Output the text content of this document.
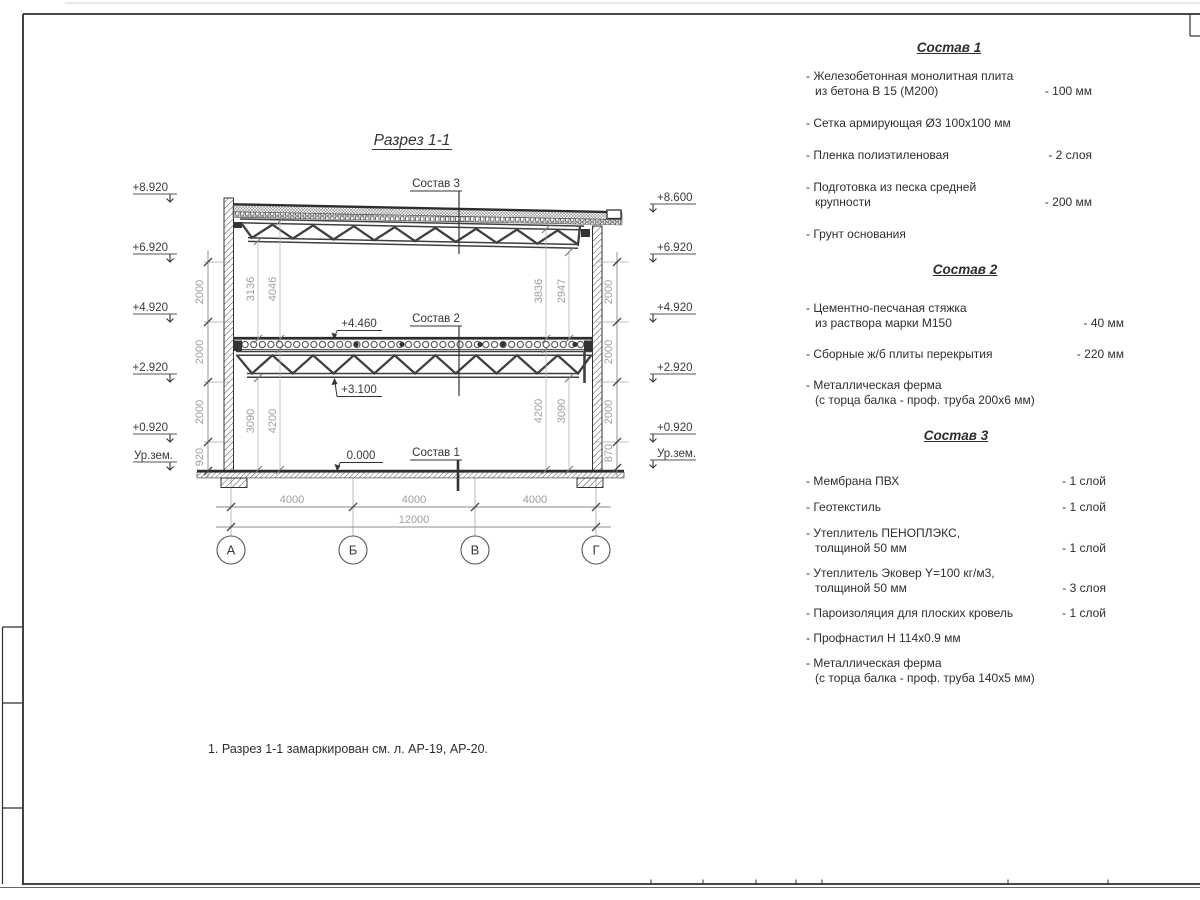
Разрез 1-1
4000	4000	4000
12000
А	Б	В	Г
Состав 3
Состав 2
Состав 1
+4.460
+3.100
0.000
+8.920
+6.920
+4.920
+2.920
+0.920
Ур.зем.
+8.600
+6.920
+4.920
+2.920
+0.920
Ур.зем.
2000
2000
2000
920
2000
2000
2000
870
3136 4046
3090 4200
3836 2947
4200 3090
Состав 1
- Железобетонная монолитная плита
из бетона В 15 (М200)	- 100 мм
- Сетка армирующая Ø3 100x100 мм
- Пленка полиэтиленовая	- 2 слоя
- Подготовка из песка средней
крупности	- 200 мм
- Грунт основания
Состав 2
- Цементно-песчаная стяжка
из раствора марки М150	- 40 мм
- Сборные ж/б плиты перекрытия	- 220 мм
- Металлическая ферма
(с торца балка - проф. труба 200x6 мм)
Состав 3
- Мембрана ПВХ	- 1 слой
- Геотекстиль	- 1 слой
- Утеплитель ПЕНОПЛЭКС,
толщиной 50 мм	- 1 слой
- Утеплитель Эковер Y=100 кг/м3,
толщиной 50 мм	- 3 слоя
- Пароизоляция для плоских кровель	- 1 слой
- Профнастил Н 114x0.9 мм
- Металлическая ферма
(с торца балка - проф. труба 140x5 мм)
1. Разрез 1-1 замаркирован см. л. АР-19, АР-20.
